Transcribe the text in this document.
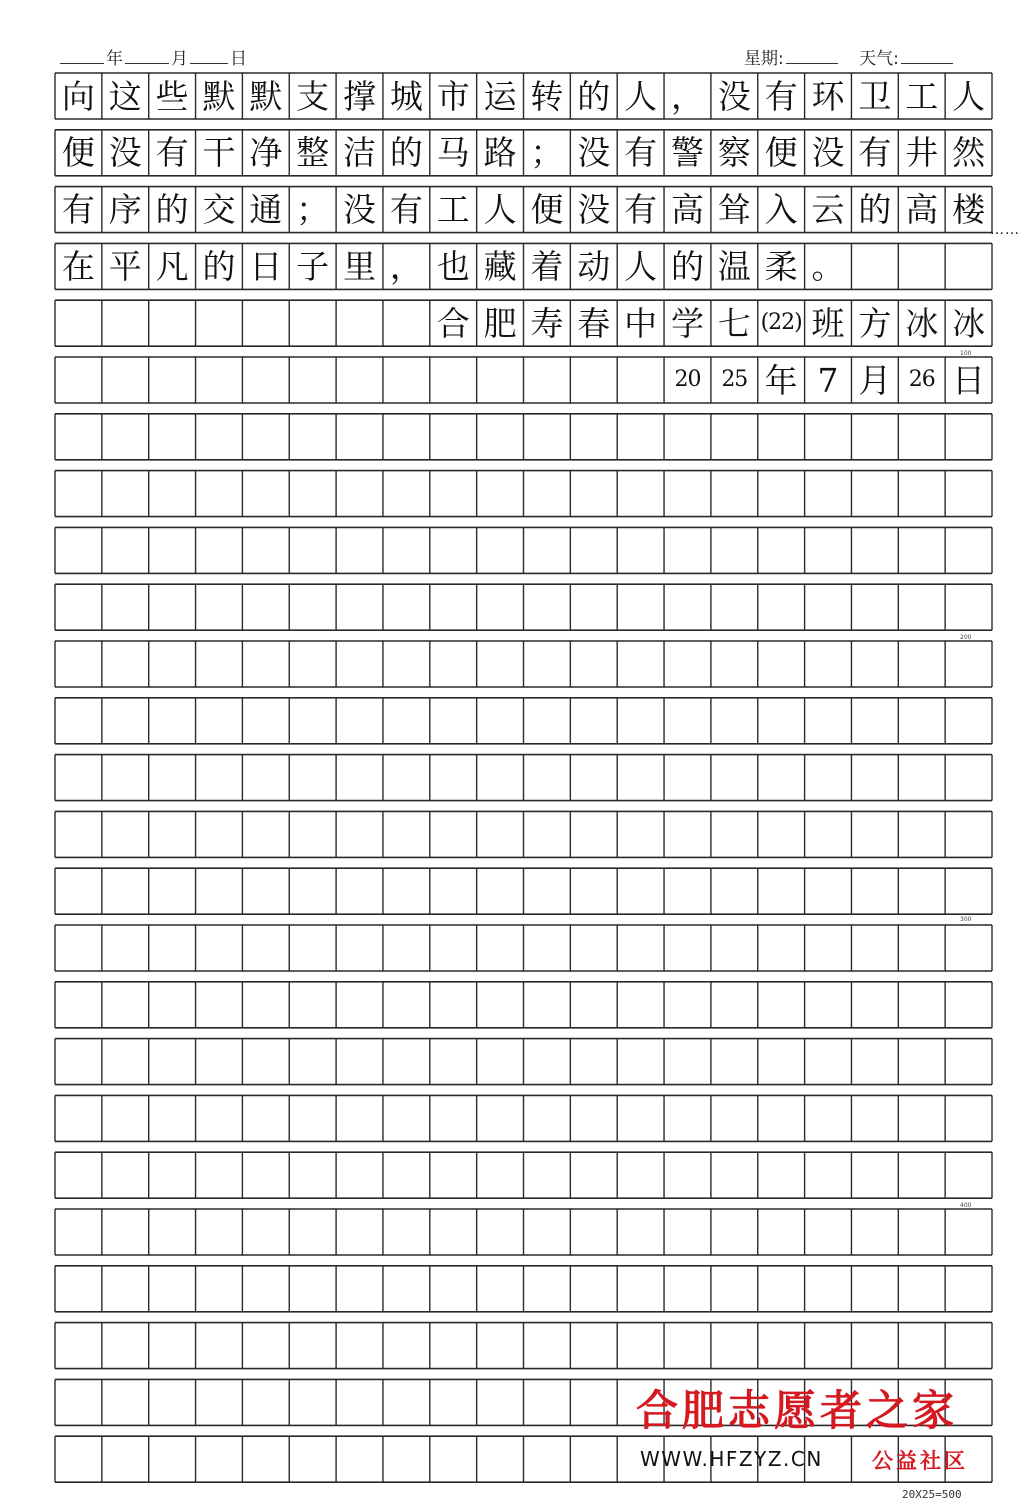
年	月 日	星期:	天气:
向 这 些 默 默 支 撑 城 市 运 转 的 人 ， 没 有 环 卫 工 人
便 没 有 干 净 整 洁 的 马 路 ； 没 有 警 察 便 没 有 井 然
有 序 的 交 通 ； 没 有 工 人 便 没 有 高 耸 入 云 的 高 楼
在 平 凡 的 日 子 里 ， 也 藏 着 动 人 的 温 柔 。
合 肥 寿 春 中 学 七 (22) 班 方 冰 冰
20 25 年 7 月 26 日
……
100
200
300
400
合肥志愿者之家
WWW.HFZYZ.CN 公益社区
20X25=500
